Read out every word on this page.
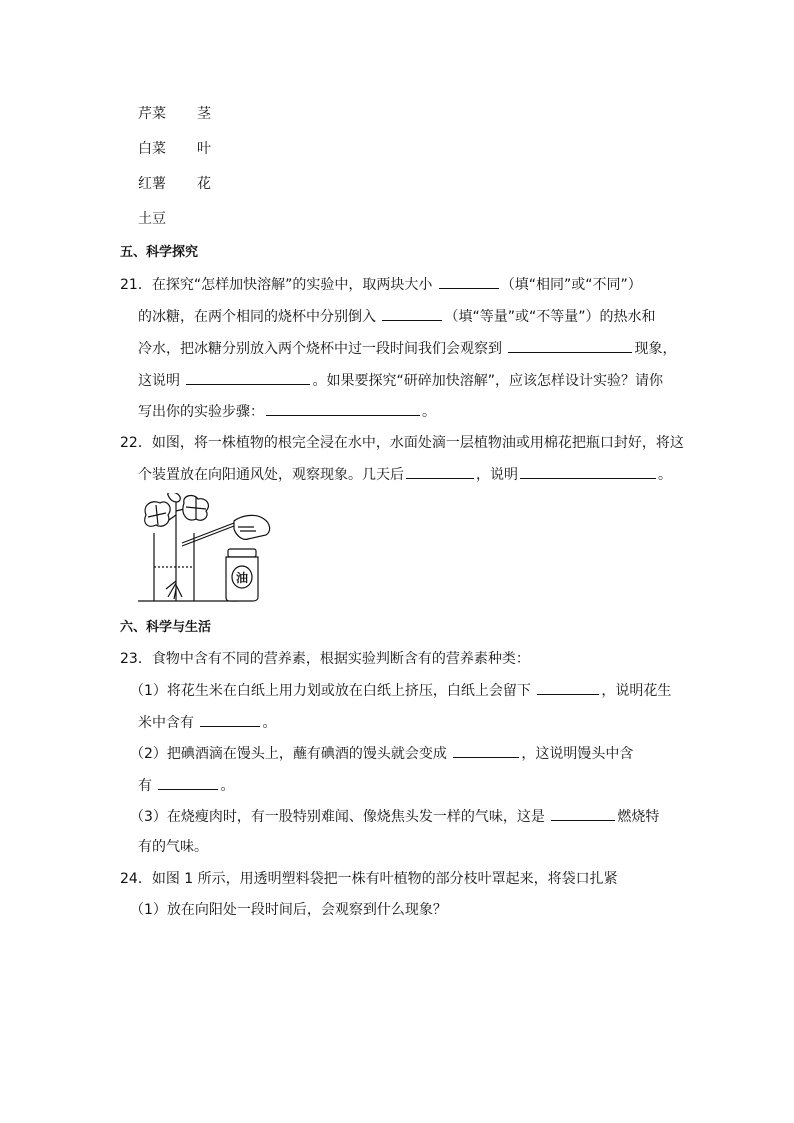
芹菜 茎
白菜 叶
红薯 花
土豆
五、科学探究
21．在探究“怎样加快溶解”的实验中，取两块大小	（填“相同”或“不同”）
的冰糖，在两个相同的烧杯中分别倒入	（填“等量”或“不等量”）的热水和
冷水，把冰糖分别放入两个烧杯中过一段时间我们会观察到	现象，
这说明	。如果要探究“研碎加快溶解”，应该怎样设计实验？请你
写出你的实验步骤：	。
22．如图，将一株植物的根完全浸在水中，水面处滴一层植物油或用棉花把瓶口封好，将这
个装置放在向阳通风处，观察现象。几天后	，说明	。
油
六、科学与生活
23．食物中含有不同的营养素，根据实验判断含有的营养素种类：
（1）将花生米在白纸上用力划或放在白纸上挤压，白纸上会留下	，说明花生
米中含有	。
（2）把碘酒滴在馒头上，蘸有碘酒的馒头就会变成	，这说明馒头中含
有	。
（3）在烧瘦肉时，有一股特别难闻、像烧焦头发一样的气味，这是	燃烧特
有的气味。
24．如图 1 所示，用透明塑料袋把一株有叶植物的部分枝叶罩起来，将袋口扎紧
（1）放在向阳处一段时间后，会观察到什么现象？
